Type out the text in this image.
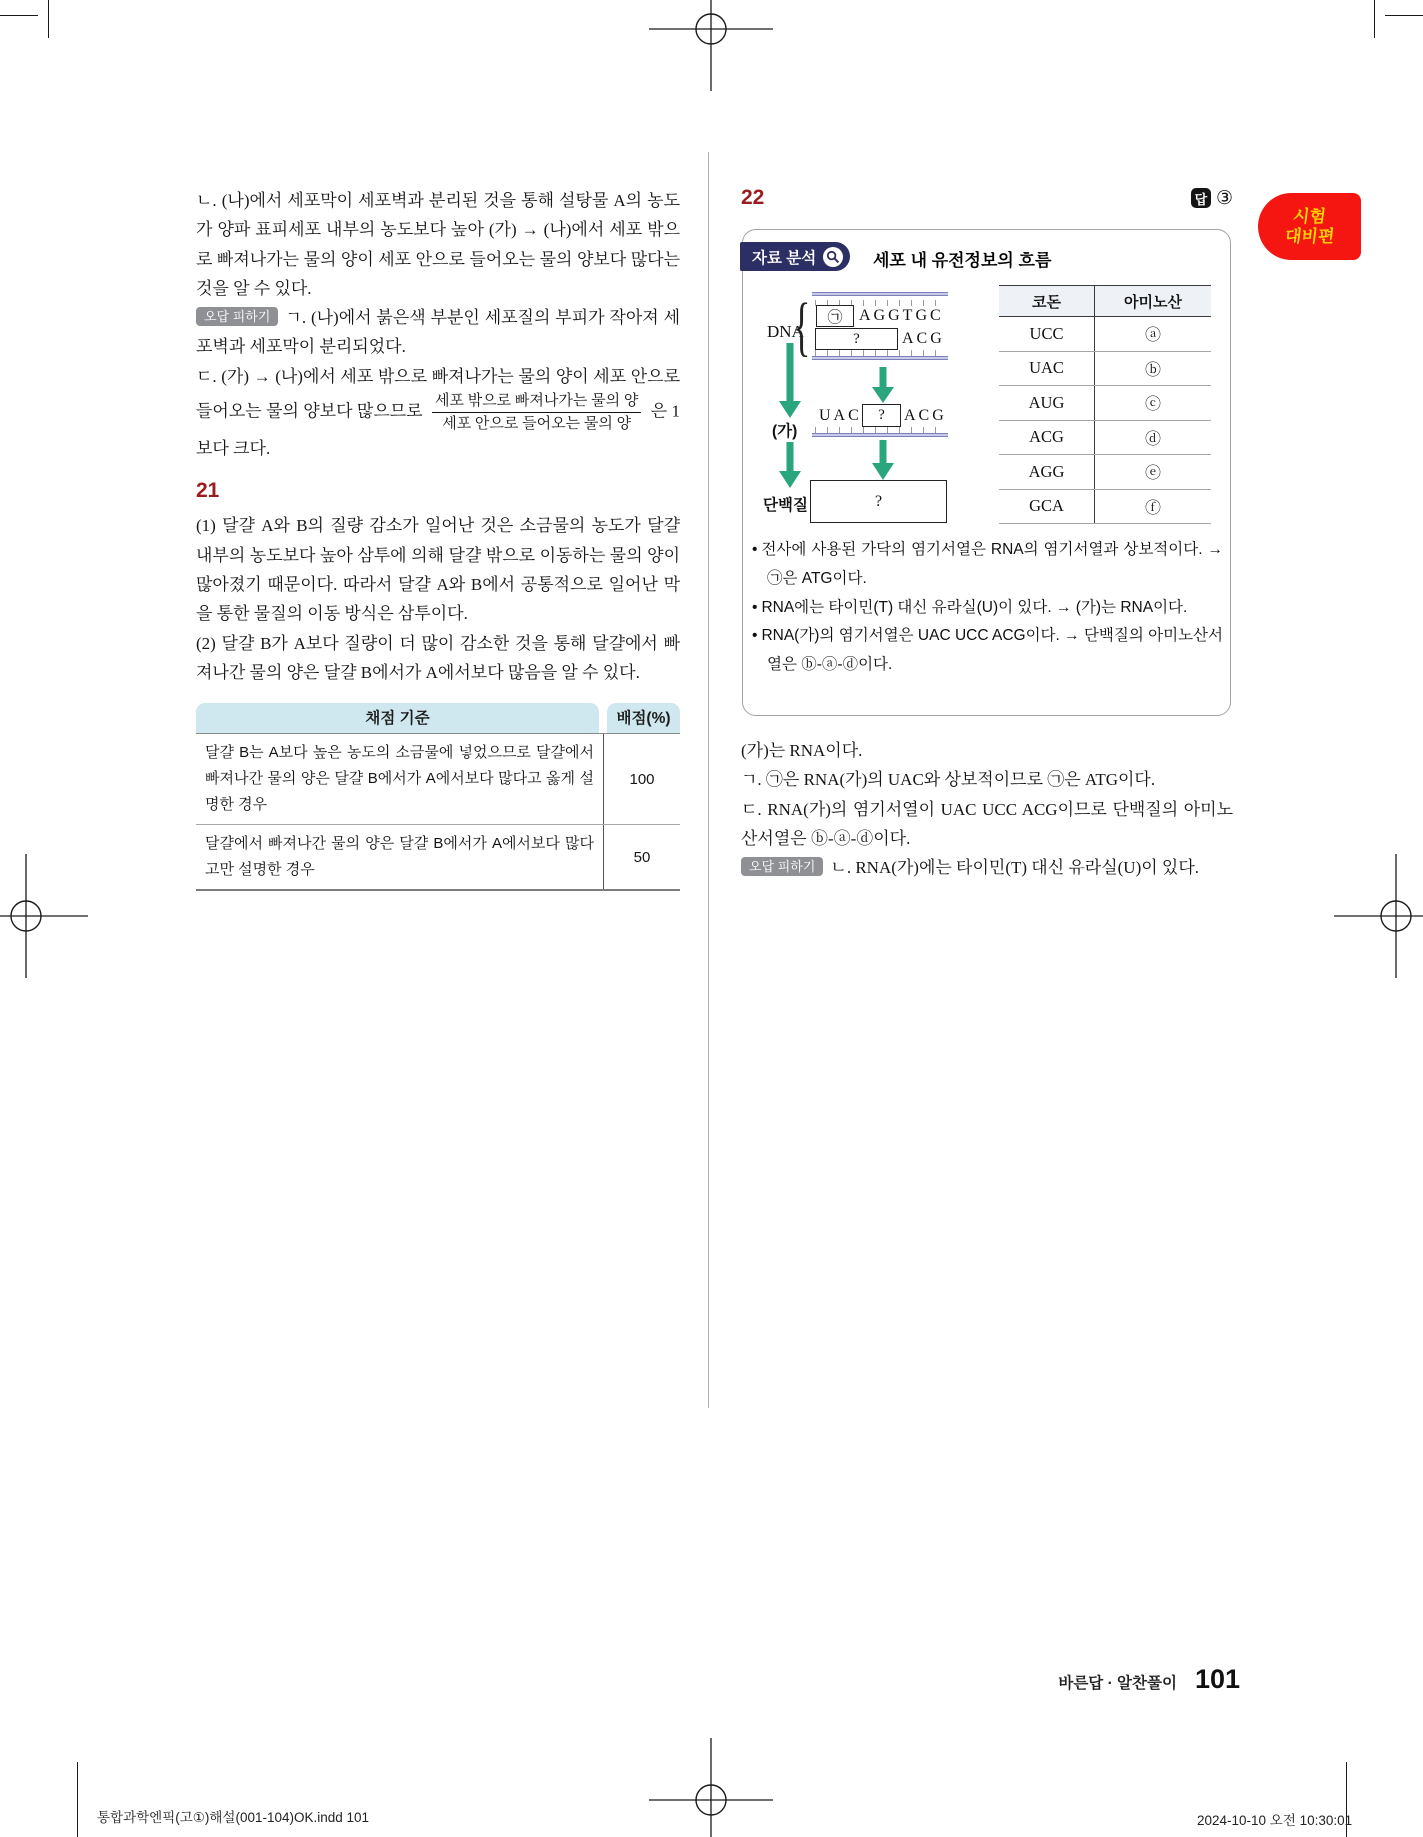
시험
대비편
ㄴ. (나)에서 세포막이 세포벽과 분리된 것을 통해 설탕물 A의 농도가 양파 표피세포 내부의 농도보다 높아 (가) → (나)에서 세포 밖으로 빠져나가는 물의 양이 세포 안으로 들어오는 물의 양보다 많다는 것을 알 수 있다.
오답 피하기 ㄱ. (나)에서 붉은색 부분인 세포질의 부피가 작아져 세포벽과 세포막이 분리되었다.
ㄷ. (가) → (나)에서 세포 밖으로 빠져나가는 물의 양이 세포 안으로 들어오는 물의 양보다 많으므로 $\frac{\text{세포 밖으로 빠져나가는 물의 양}}{\text{세포 안으로 들어오는 물의 양}}$ 은 1보다 크다.
21
(1) 달걀 A와 B의 질량 감소가 일어난 것은 소금물의 농도가 달걀 내부의 농도보다 높아 삼투에 의해 달걀 밖으로 이동하는 물의 양이 많아졌기 때문이다. 따라서 달걀 A와 B에서 공통적으로 일어난 막을 통한 물질의 이동 방식은 삼투이다.
(2) 달걀 B가 A보다 질량이 더 많이 감소한 것을 통해 달걀에서 빠져나간 물의 양은 달걀 B에서가 A에서보다 많음을 알 수 있다.
채점 기준	배점(%)
달걀 B는 A보다 높은 농도의 소금물에 넣었으므로 달걀에서 빠져나간 물의 양은 달걀 B에서가 A에서보다 많다고 옳게 설명한 경우
100
달걀에서 빠져나간 물의 양은 달걀 B에서가 A에서보다 많다고만 설명한 경우
50
22	답 ③
자료 분석	세포 내 유전정보의 흐름
DNA
{	㉠	AGGTGC
?	ACG
(가)
UAC	?	ACG
단백질	?
코돈	아미노산
UCC	ⓐ
UAC	ⓑ
AUG	ⓒ
ACG	ⓓ
AGG	ⓔ
GCA	ⓕ
• 전사에 사용된 가닥의 염기서열은 RNA의 염기서열과 상보적이다. → ㉠은 ATG이다.
• RNA에는 타이민(T) 대신 유라실(U)이 있다. → (가)는 RNA이다.
• RNA(가)의 염기서열은 UAC UCC ACG이다. → 단백질의 아미노산서열은 ⓑ-ⓐ-ⓓ이다.
(가)는 RNA이다.
ㄱ. ㉠은 RNA(가)의 UAC와 상보적이므로 ㉠은 ATG이다.
ㄷ. RNA(가)의 염기서열이 UAC UCC ACG이므로 단백질의 아미노산서열은 ⓑ-ⓐ-ⓓ이다.
오답 피하기 ㄴ. RNA(가)에는 타이민(T) 대신 유라실(U)이 있다.
바른답 · 알찬풀이 101
통합과학엔픽(고①)해설(001-104)OK.indd 101	2024-10-10 오전 10:30:01
